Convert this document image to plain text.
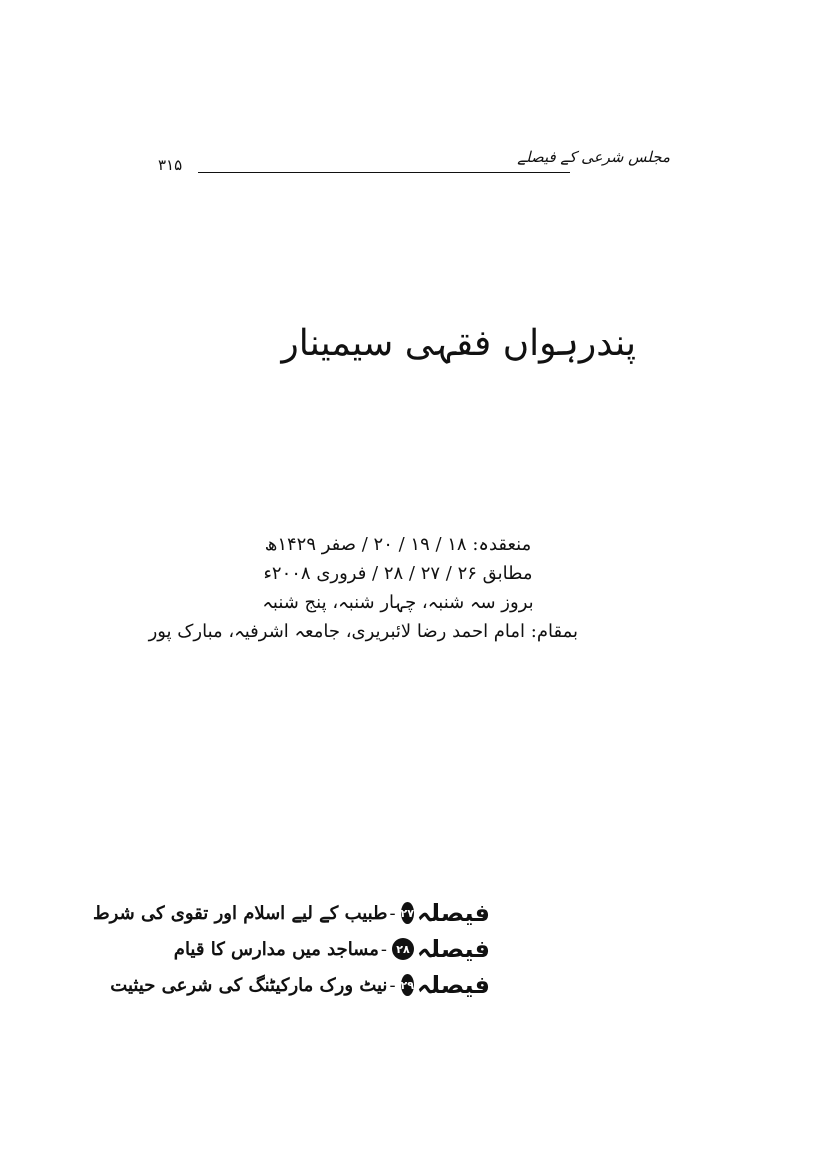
مجلس شرعی کے فیصلے
۳۱۵
پندرہواں فقہی سیمینار
منعقدہ: ۱۸ / ۱۹ / ۲۰ / صفر ۱۴۲۹ھ
مطابق ۲۶ / ۲۷ / ۲۸ / فروری ۲۰۰۸ء
بروز سہ شنبہ، چہار شنبہ، پنج شنبہ
بمقام: امام احمد رضا لائبریری، جامعہ اشرفیہ، مبارک پور
فیصلہ
۲۷
-
طبیب کے لیے اسلام اور تقوی کی شرط
فیصلہ
۲۸
-
مساجد میں مدارس کا قیام
فیصلہ
۲۹
-
نیٹ ورک مارکیٹنگ کی شرعی حیثیت
